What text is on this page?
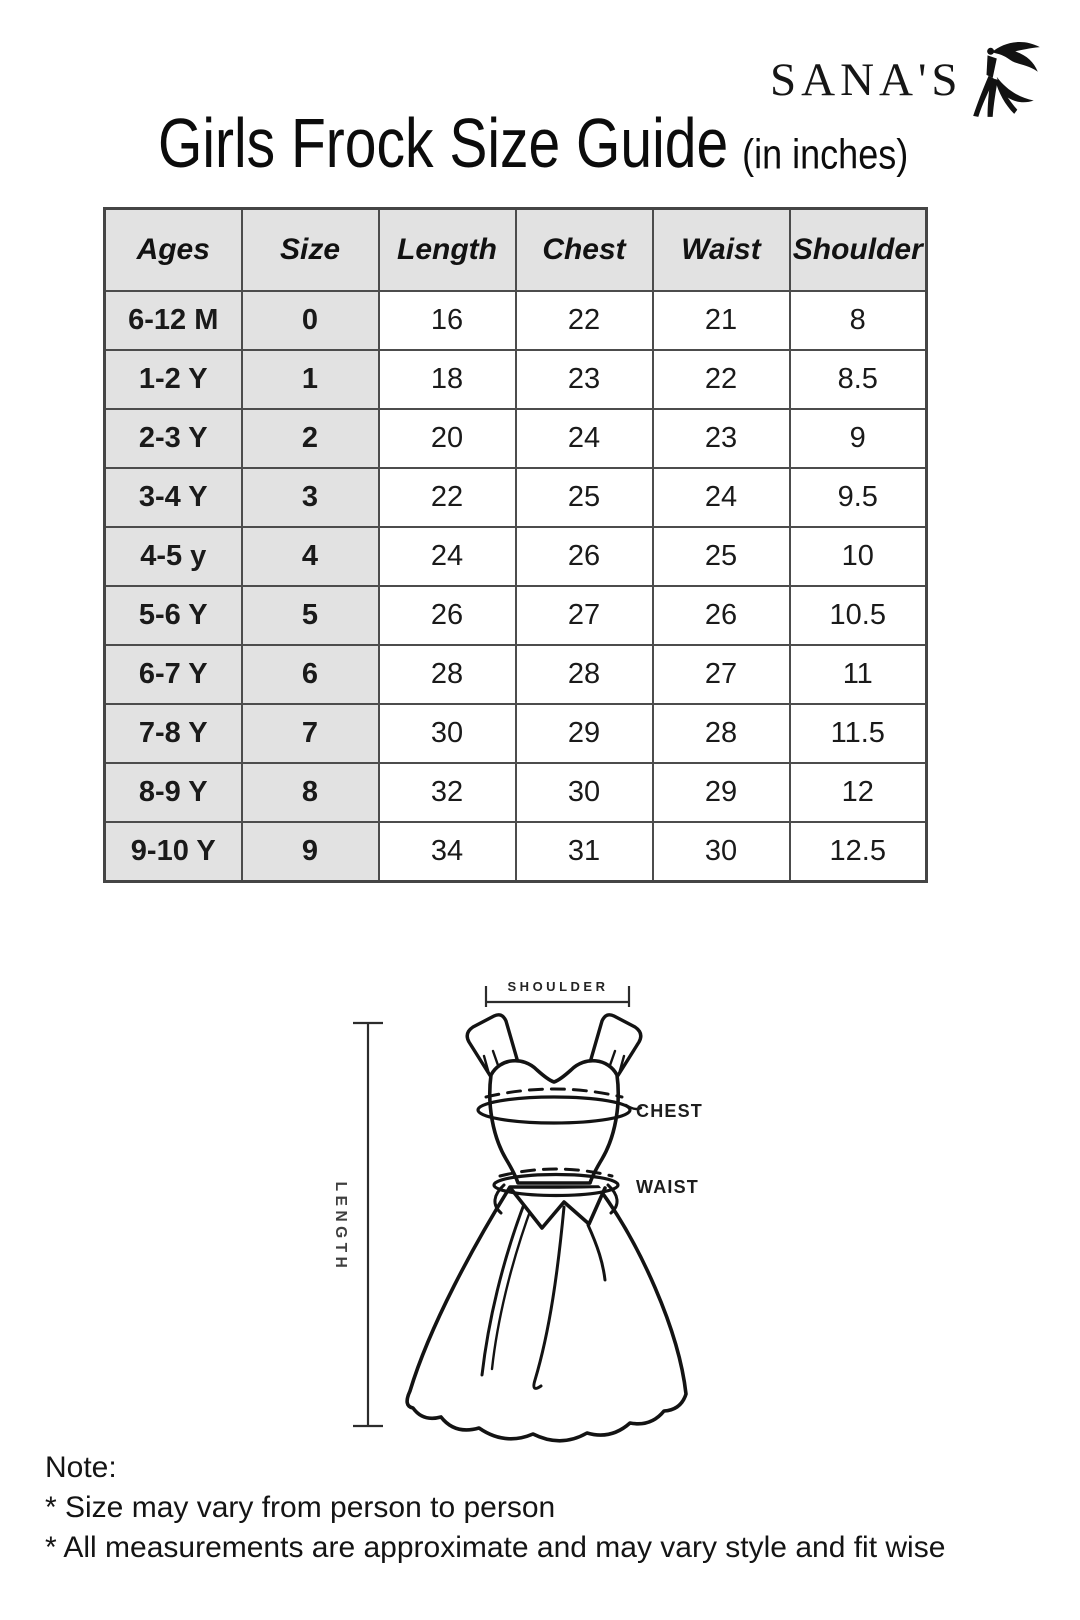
SANA'S
Girls Frock Size Guide (in inches)
Ages	Size	Length	Chest	Waist	Shoulder
6-12 M	0	16	22	21	8
1-2 Y	1	18	23	22	8.5
2-3 Y	2	20	24	23	9
3-4 Y	3	22	25	24	9.5
4-5 y	4	24	26	25	10
5-6 Y	5	26	27	26	10.5
6-7 Y	6	28	28	27	11
7-8 Y	7	30	29	28	11.5
8-9 Y	8	32	30	29	12
9-10 Y	9	34	31	30	12.5
SHOULDER
LENGTH
CHEST
WAIST
Note:
* Size may vary from person to person
* All measurements are approximate and may vary style and fit wise
